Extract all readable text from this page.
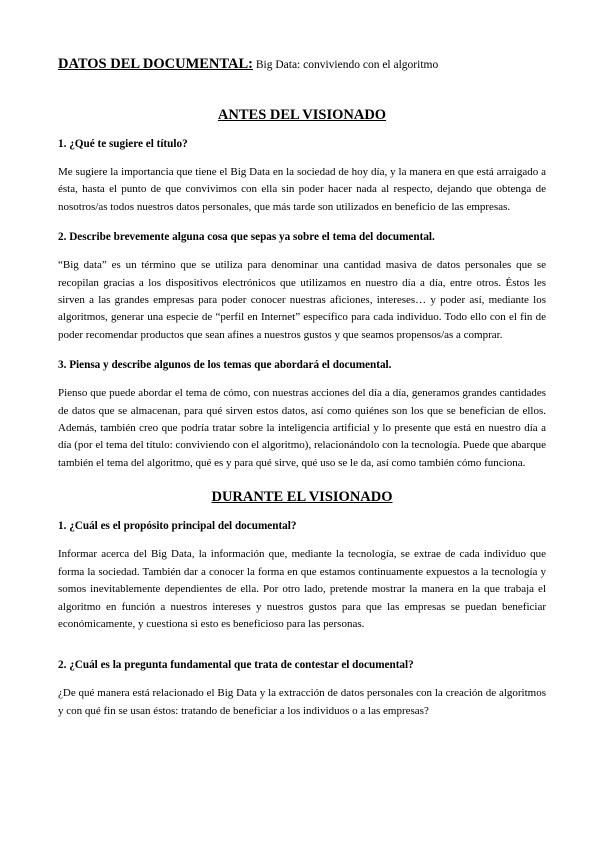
DATOS DEL DOCUMENTAL: Big Data: conviviendo con el algoritmo
ANTES DEL VISIONADO
1. ¿Qué te sugiere el título?
Me sugiere la importancia que tiene el Big Data en la sociedad de hoy día, y la manera en que está arraigado a ésta, hasta el punto de que convivimos con ella sin poder hacer nada al respecto, dejando que obtenga de nosotros/as todos nuestros datos personales, que más tarde son utilizados en beneficio de las empresas.
2. Describe brevemente alguna cosa que sepas ya sobre el tema del documental.
“Big data” es un término que se utiliza para denominar una cantidad masiva de datos personales que se recopilan gracias a los dispositivos electrónicos que utilizamos en nuestro día a día, entre otros. Éstos les sirven a las grandes empresas para poder conocer nuestras aficiones, intereses… y poder así, mediante los algoritmos, generar una especie de “perfil en Internet” específico para cada individuo. Todo ello con el fin de poder recomendar productos que sean afines a nuestros gustos y que seamos propensos/as a comprar.
3. Piensa y describe algunos de los temas que abordará el documental.
Pienso que puede abordar el tema de cómo, con nuestras acciones del día a día, generamos grandes cantidades de datos que se almacenan, para qué sirven estos datos, así como quiénes son los que se benefician de ellos. Además, también creo que podría tratar sobre la inteligencia artificial y lo presente que está en nuestro día a día (por el tema del título: conviviendo con el algoritmo), relacionándolo con la tecnología. Puede que abarque también el tema del algoritmo, qué es y para qué sirve, qué uso se le da, así como también cómo funciona.
DURANTE EL VISIONADO
1. ¿Cuál es el propósito principal del documental?
Informar acerca del Big Data, la información que, mediante la tecnología, se extrae de cada individuo que forma la sociedad. También dar a conocer la forma en que estamos continuamente expuestos a la tecnología y somos inevitablemente dependientes de ella. Por otro lado, pretende mostrar la manera en la que trabaja el algoritmo en función a nuestros intereses y nuestros gustos para que las empresas se puedan beneficiar económicamente, y cuestiona si esto es beneficioso para las personas.
2. ¿Cuál es la pregunta fundamental que trata de contestar el documental?
¿De qué manera está relacionado el Big Data y la extracción de datos personales con la creación de algoritmos y con qué fin se usan éstos: tratando de beneficiar a los individuos o a las empresas?
